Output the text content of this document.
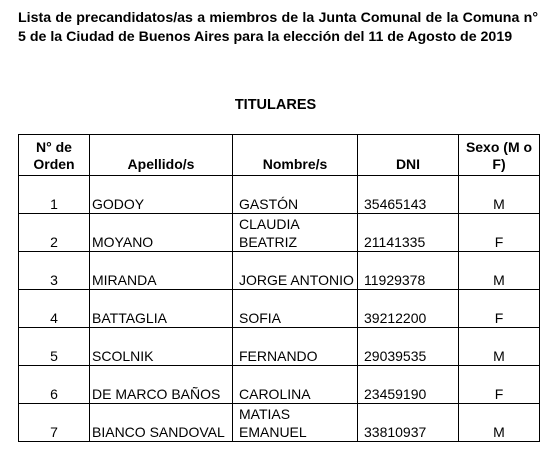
Lista de precandidatos/as a miembros de la Junta Comunal de la Comuna n° 5 de la Ciudad de Buenos Aires para la elección del 11 de Agosto de 2019
TITULARES
N° de Orden	Apellido/s	Nombre/s	DNI	Sexo (M o F)
1	GODOY	GASTÓN	35465143	M
2	MOYANO	CLAUDIA BEATRIZ	21141335	F
3	MIRANDA	JORGE ANTONIO	11929378	M
4	BATTAGLIA	SOFIA	39212200	F
5	SCOLNIK	FERNANDO	29039535	M
6	DE MARCO BAÑOS	CAROLINA	23459190	F
7	BIANCO SANDOVAL	MATIAS EMANUEL	33810937	M
